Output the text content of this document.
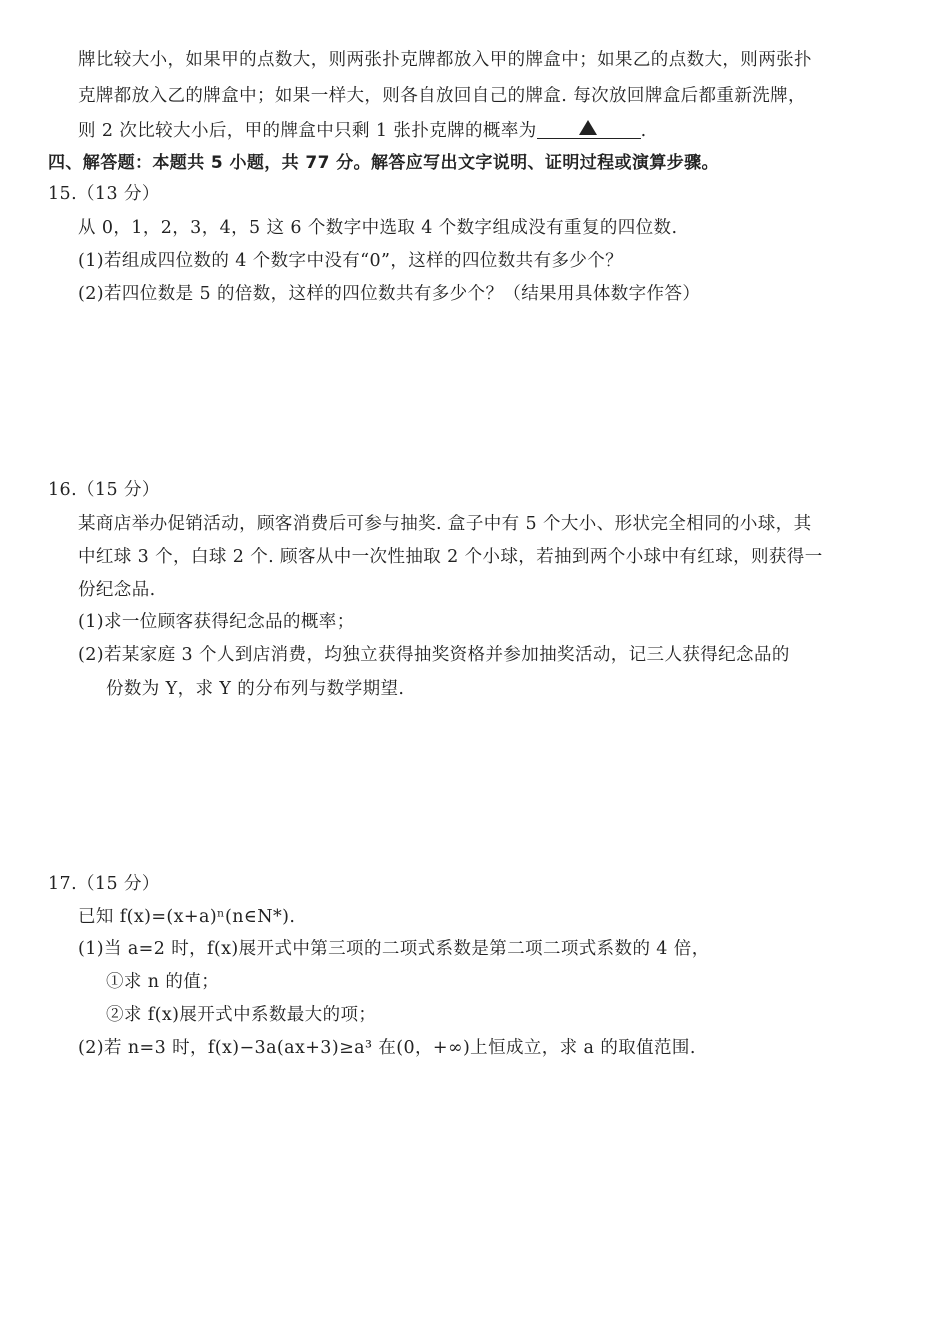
牌比较大小，如果甲的点数大，则两张扑克牌都放入甲的牌盒中；如果乙的点数大，则两张扑
克牌都放入乙的牌盒中；如果一样大，则各自放回自己的牌盒. 每次放回牌盒后都重新洗牌，
则 2 次比较大小后，甲的牌盒中只剩 1 张扑克牌的概率为	.
四、解答题：本题共 5 小题，共 77 分。解答应写出文字说明、证明过程或演算步骤。
15.（13 分）
从 0，1，2，3，4，5 这 6 个数字中选取 4 个数字组成没有重复的四位数.
(1)若组成四位数的 4 个数字中没有“0”，这样的四位数共有多少个？
(2)若四位数是 5 的倍数，这样的四位数共有多少个？（结果用具体数字作答）
16.（15 分）
某商店举办促销活动，顾客消费后可参与抽奖. 盒子中有 5 个大小、形状完全相同的小球，其
中红球 3 个，白球 2 个. 顾客从中一次性抽取 2 个小球，若抽到两个小球中有红球，则获得一
份纪念品.
(1)求一位顾客获得纪念品的概率；
(2)若某家庭 3 个人到店消费，均独立获得抽奖资格并参加抽奖活动，记三人获得纪念品的
份数为 Y，求 Y 的分布列与数学期望.
17.（15 分）
已知 f(x)=(x+a)ⁿ(n∈N*).
(1)当 a=2 时，f(x)展开式中第三项的二项式系数是第二项二项式系数的 4 倍，
①求 n 的值；
②求 f(x)展开式中系数最大的项；
(2)若 n=3 时，f(x)−3a(ax+3)≥a³ 在(0，+∞)上恒成立，求 a 的取值范围.
